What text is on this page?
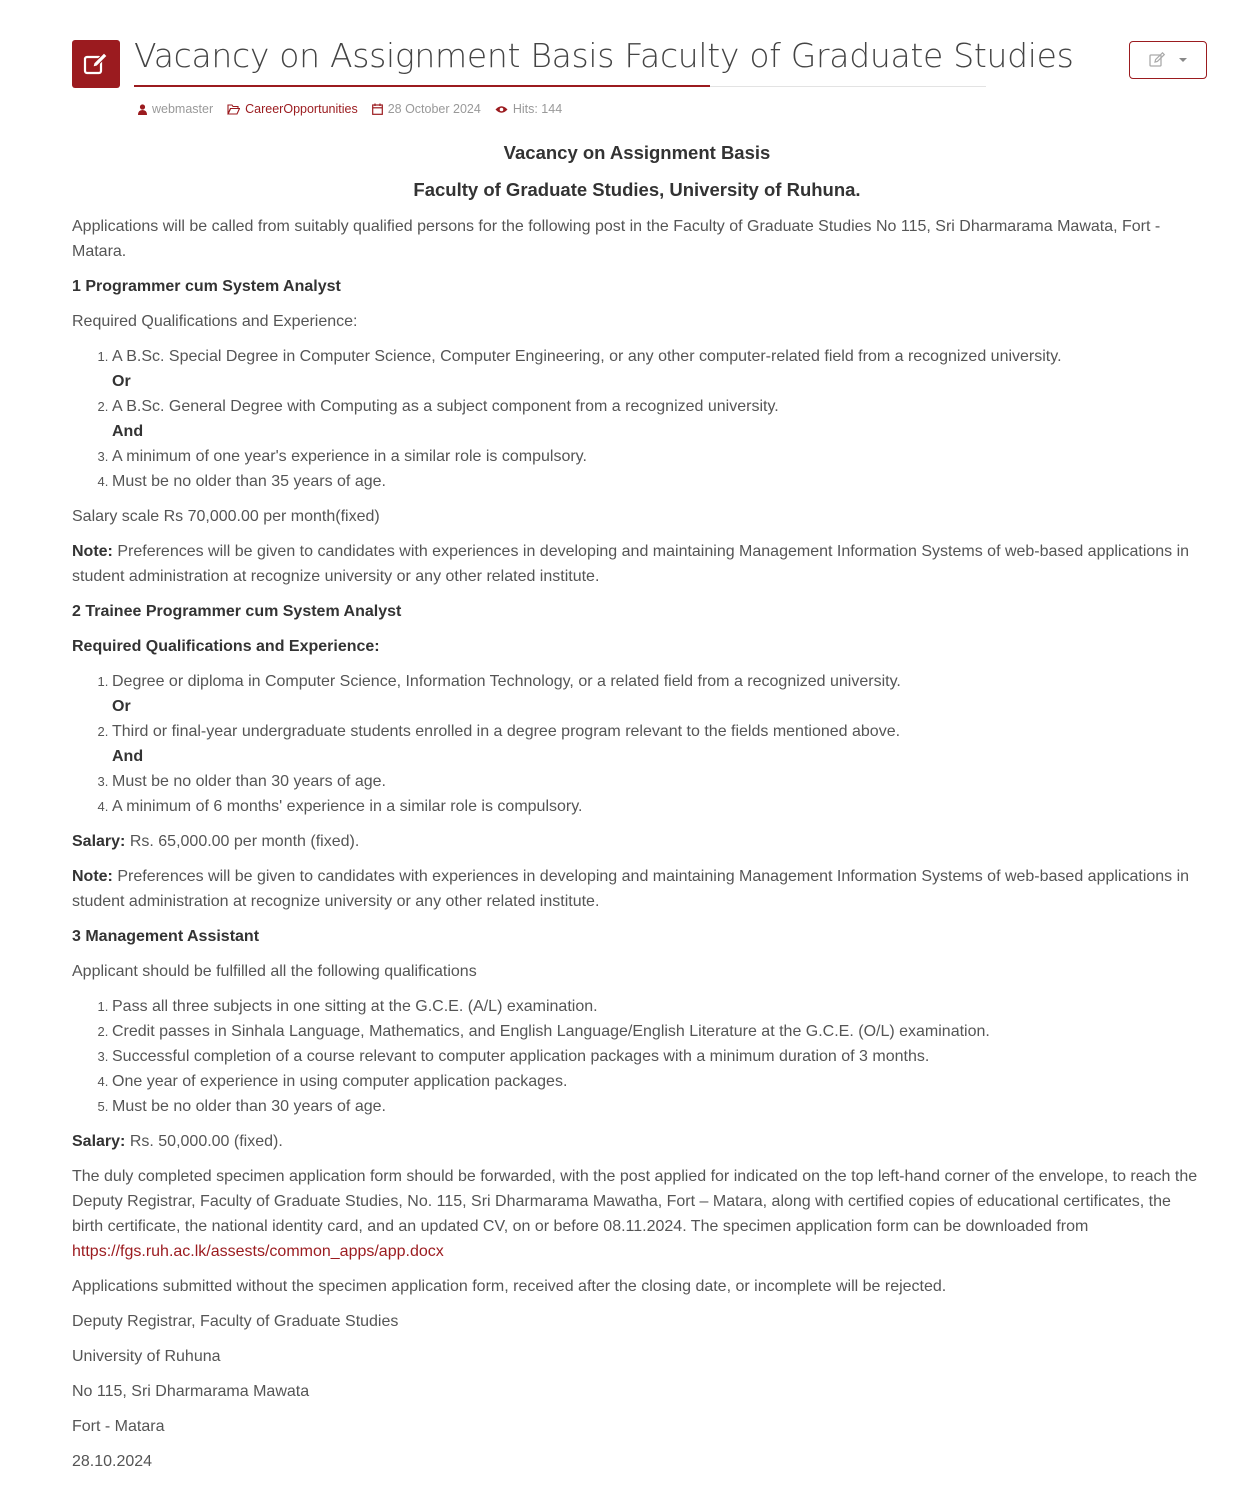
Vacancy on Assignment Basis Faculty of Graduate Studies
webmaster	CareerOpportunities 28 October 2024	Hits: 144

Vacancy on Assignment Basis

Faculty of Graduate Studies, University of Ruhuna.

Applications will be called from suitably qualified persons for the following post in the Faculty of Graduate Studies No 115, Sri Dharmarama Mawata, Fort - Matara.

1 Programmer cum System Analyst

Required Qualifications and Experience:

1. A B.Sc. Special Degree in Computer Science, Computer Engineering, or any other computer-related field from a recognized university.
Or
2. A B.Sc. General Degree with Computing as a subject component from a recognized university.
And
3. A minimum of one year's experience in a similar role is compulsory.
4. Must be no older than 35 years of age.

Salary scale Rs 70,000.00 per month(fixed)

Note: Preferences will be given to candidates with experiences in developing and maintaining Management Information Systems of web-based applications in student administration at recognize university or any other related institute.

2 Trainee Programmer cum System Analyst

Required Qualifications and Experience:

1. Degree or diploma in Computer Science, Information Technology, or a related field from a recognized university.
Or
2. Third or final-year undergraduate students enrolled in a degree program relevant to the fields mentioned above.
And
3. Must be no older than 30 years of age.
4. A minimum of 6 months' experience in a similar role is compulsory.

Salary: Rs. 65,000.00 per month (fixed).

Note: Preferences will be given to candidates with experiences in developing and maintaining Management Information Systems of web-based applications in student administration at recognize university or any other related institute.

3 Management Assistant

Applicant should be fulfilled all the following qualifications

1. Pass all three subjects in one sitting at the G.C.E. (A/L) examination.
2. Credit passes in Sinhala Language, Mathematics, and English Language/English Literature at the G.C.E. (O/L) examination.
3. Successful completion of a course relevant to computer application packages with a minimum duration of 3 months.
4. One year of experience in using computer application packages.
5. Must be no older than 30 years of age.

Salary: Rs. 50,000.00 (fixed).

The duly completed specimen application form should be forwarded, with the post applied for indicated on the top left-hand corner of the envelope, to reach the Deputy Registrar, Faculty of Graduate Studies, No. 115, Sri Dharmarama Mawatha, Fort – Matara, along with certified copies of educational certificates, the birth certificate, the national identity card, and an updated CV, on or before 08.11.2024. The specimen application form can be downloaded from https://fgs.ruh.ac.lk/assests/common_apps/app.docx

Applications submitted without the specimen application form, received after the closing date, or incomplete will be rejected.

Deputy Registrar, Faculty of Graduate Studies

University of Ruhuna

No 115, Sri Dharmarama Mawata

Fort - Matara

28.10.2024
